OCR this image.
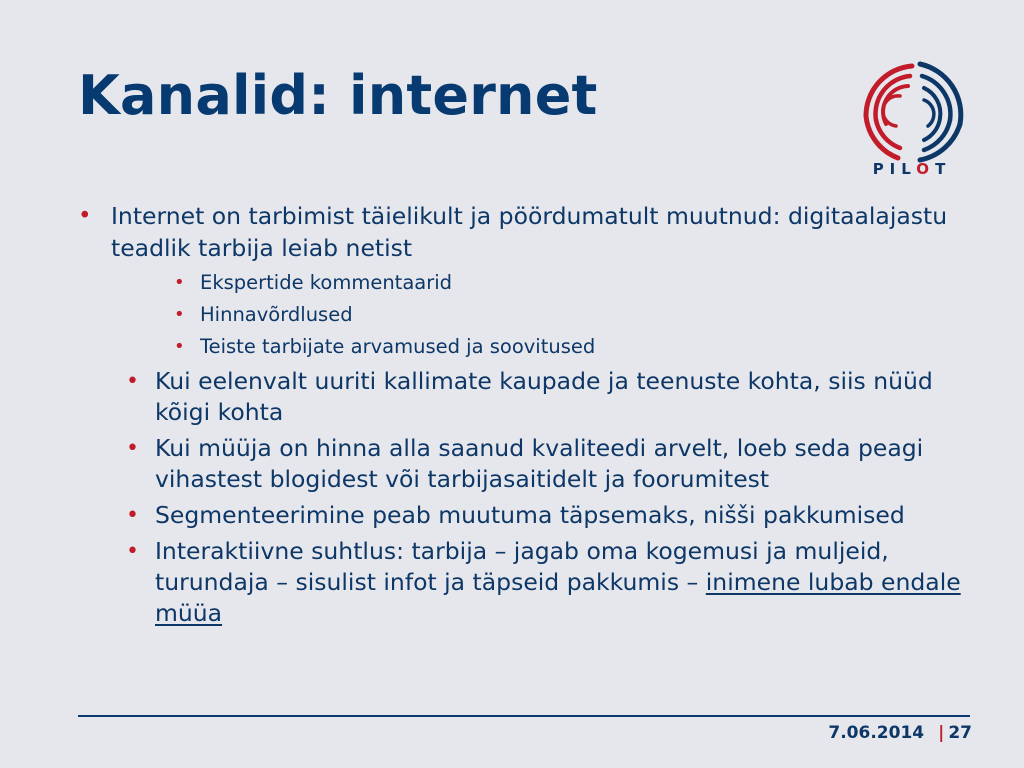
Kanalid: internet
PILOT
• Internet on tarbimist täielikult ja pöördumatult muutnud: digitaalajastu teadlik tarbija leiab netist
• Ekspertide kommentaarid
• Hinnavõrdlused
• Teiste tarbijate arvamused ja soovitused
• Kui eelenvalt uuriti kallimate kaupade ja teenuste kohta, siis nüüd kõigi kohta
• Kui müüja on hinna alla saanud kvaliteedi arvelt, loeb seda peagi vihastest blogidest või tarbijasaitidelt ja foorumitest
• Segmenteerimine peab muutuma täpsemaks, nišši pakkumised
• Interaktiivne suhtlus: tarbija – jagab oma kogemusi ja muljeid, turundaja – sisulist infot ja täpseid pakkumis – inimene lubab endale müüa
7.06.2014 | 27
